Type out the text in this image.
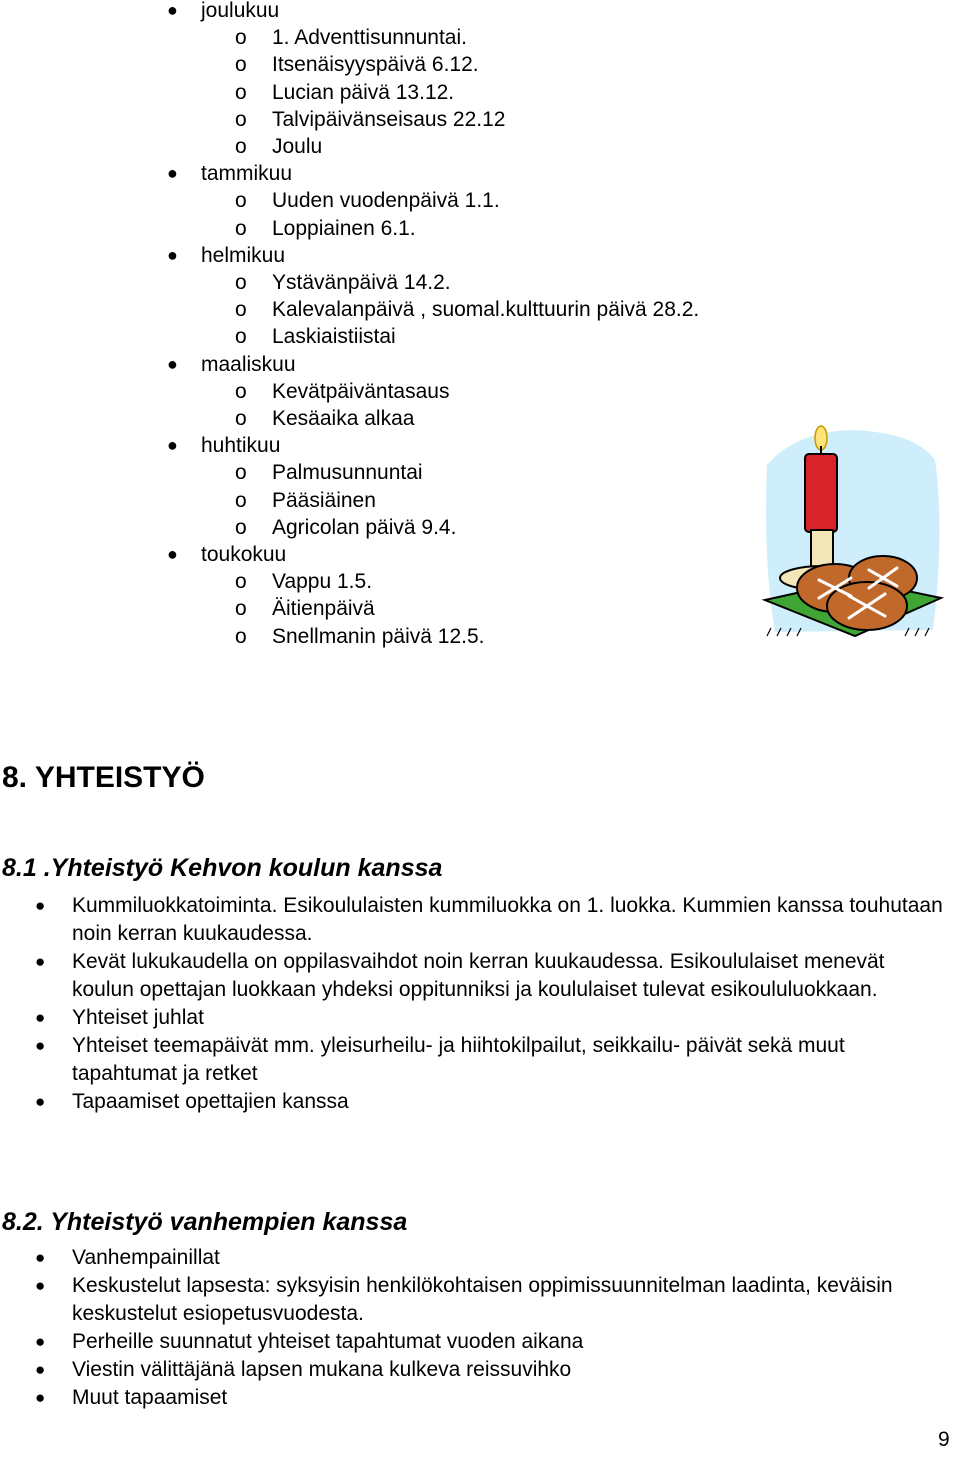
● joulukuu
o 1. Adventtisunnuntai.
o Itsenäisyyspäivä 6.12.
o Lucian päivä 13.12.
o Talvipäivänseisaus 22.12
o Joulu
● tammikuu
o Uuden vuodenpäivä 1.1.
o Loppiainen 6.1.
● helmikuu
o Ystävänpäivä 14.2.
o Kalevalanpäivä , suomal.kulttuurin päivä 28.2.
o Laskiaistiistai
● maaliskuu
o Kevätpäiväntasaus
o Kesäaika alkaa
● huhtikuu
o Palmusunnuntai
o Pääsiäinen
o Agricolan päivä 9.4.
● toukokuu
o Vappu 1.5.
o Äitienpäivä
o Snellmanin päivä 12.5.
8. YHTEISTYÖ
8.1 .Yhteistyö Kehvon koulun kanssa

● Kummiluokkatoiminta. Esikoululaisten kummiluokka on 1. luokka. Kummien kanssa touhutaan noin kerran kuukaudessa.

● Kevät lukukaudella on oppilasvaihdot noin kerran kuukaudessa. Esikoululaiset menevät koulun opettajan luokkaan yhdeksi oppitunniksi ja koululaiset tulevat esikoululuokkaan.

● Yhteiset juhlat

● Yhteiset teemapäivät mm. yleisurheilu- ja hiihtokilpailut, seikkailu- päivät sekä muut tapahtumat ja retket

● Tapaamiset opettajien kanssa

8.2. Yhteistyö vanhempien kanssa

● Vanhempainillat

● Keskustelut lapsesta: syksyisin henkilökohtaisen oppimissuunnitelman laadinta, keväisin keskustelut esiopetusvuodesta.

● Perheille suunnatut yhteiset tapahtumat vuoden aikana

● Viestin välittäjänä lapsen mukana kulkeva reissuvihko

● Muut tapaamiset

9
